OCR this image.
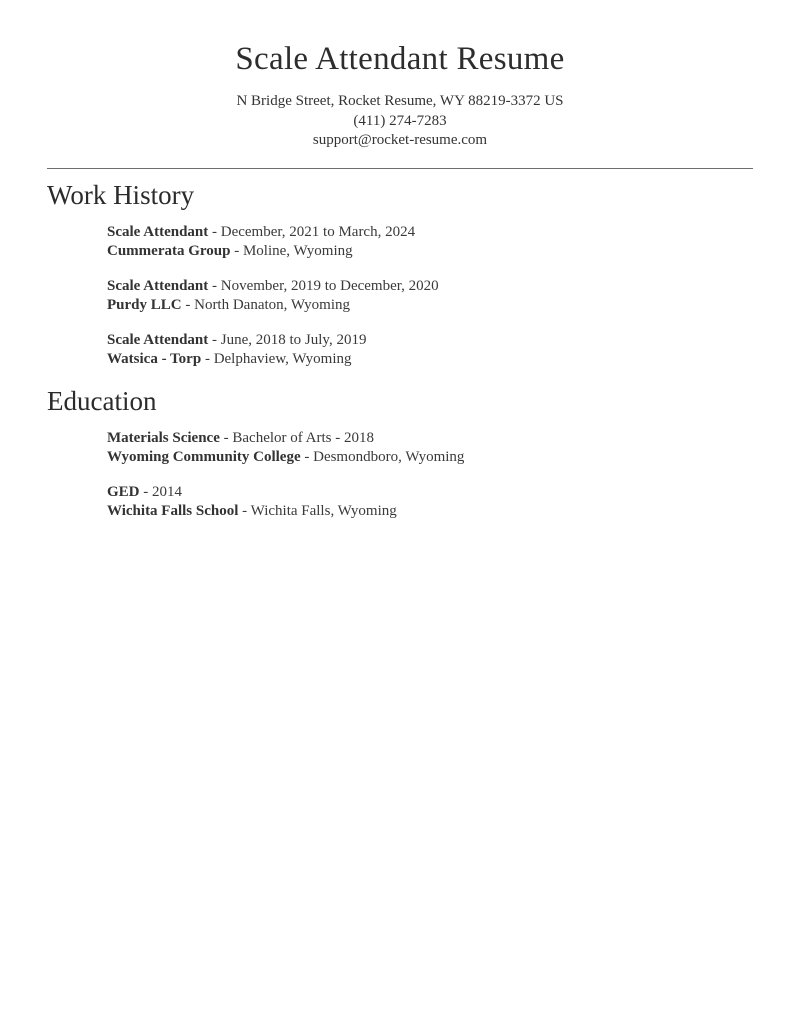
Scale Attendant Resume
N Bridge Street, Rocket Resume, WY 88219-3372 US
(411) 274-7283
support@rocket-resume.com
Work History
Scale Attendant - December, 2021 to March, 2024
Cummerata Group - Moline, Wyoming
Scale Attendant - November, 2019 to December, 2020
Purdy LLC - North Danaton, Wyoming
Scale Attendant - June, 2018 to July, 2019
Watsica - Torp - Delphaview, Wyoming
Education
Materials Science - Bachelor of Arts - 2018
Wyoming Community College - Desmondboro, Wyoming
GED - 2014
Wichita Falls School - Wichita Falls, Wyoming
